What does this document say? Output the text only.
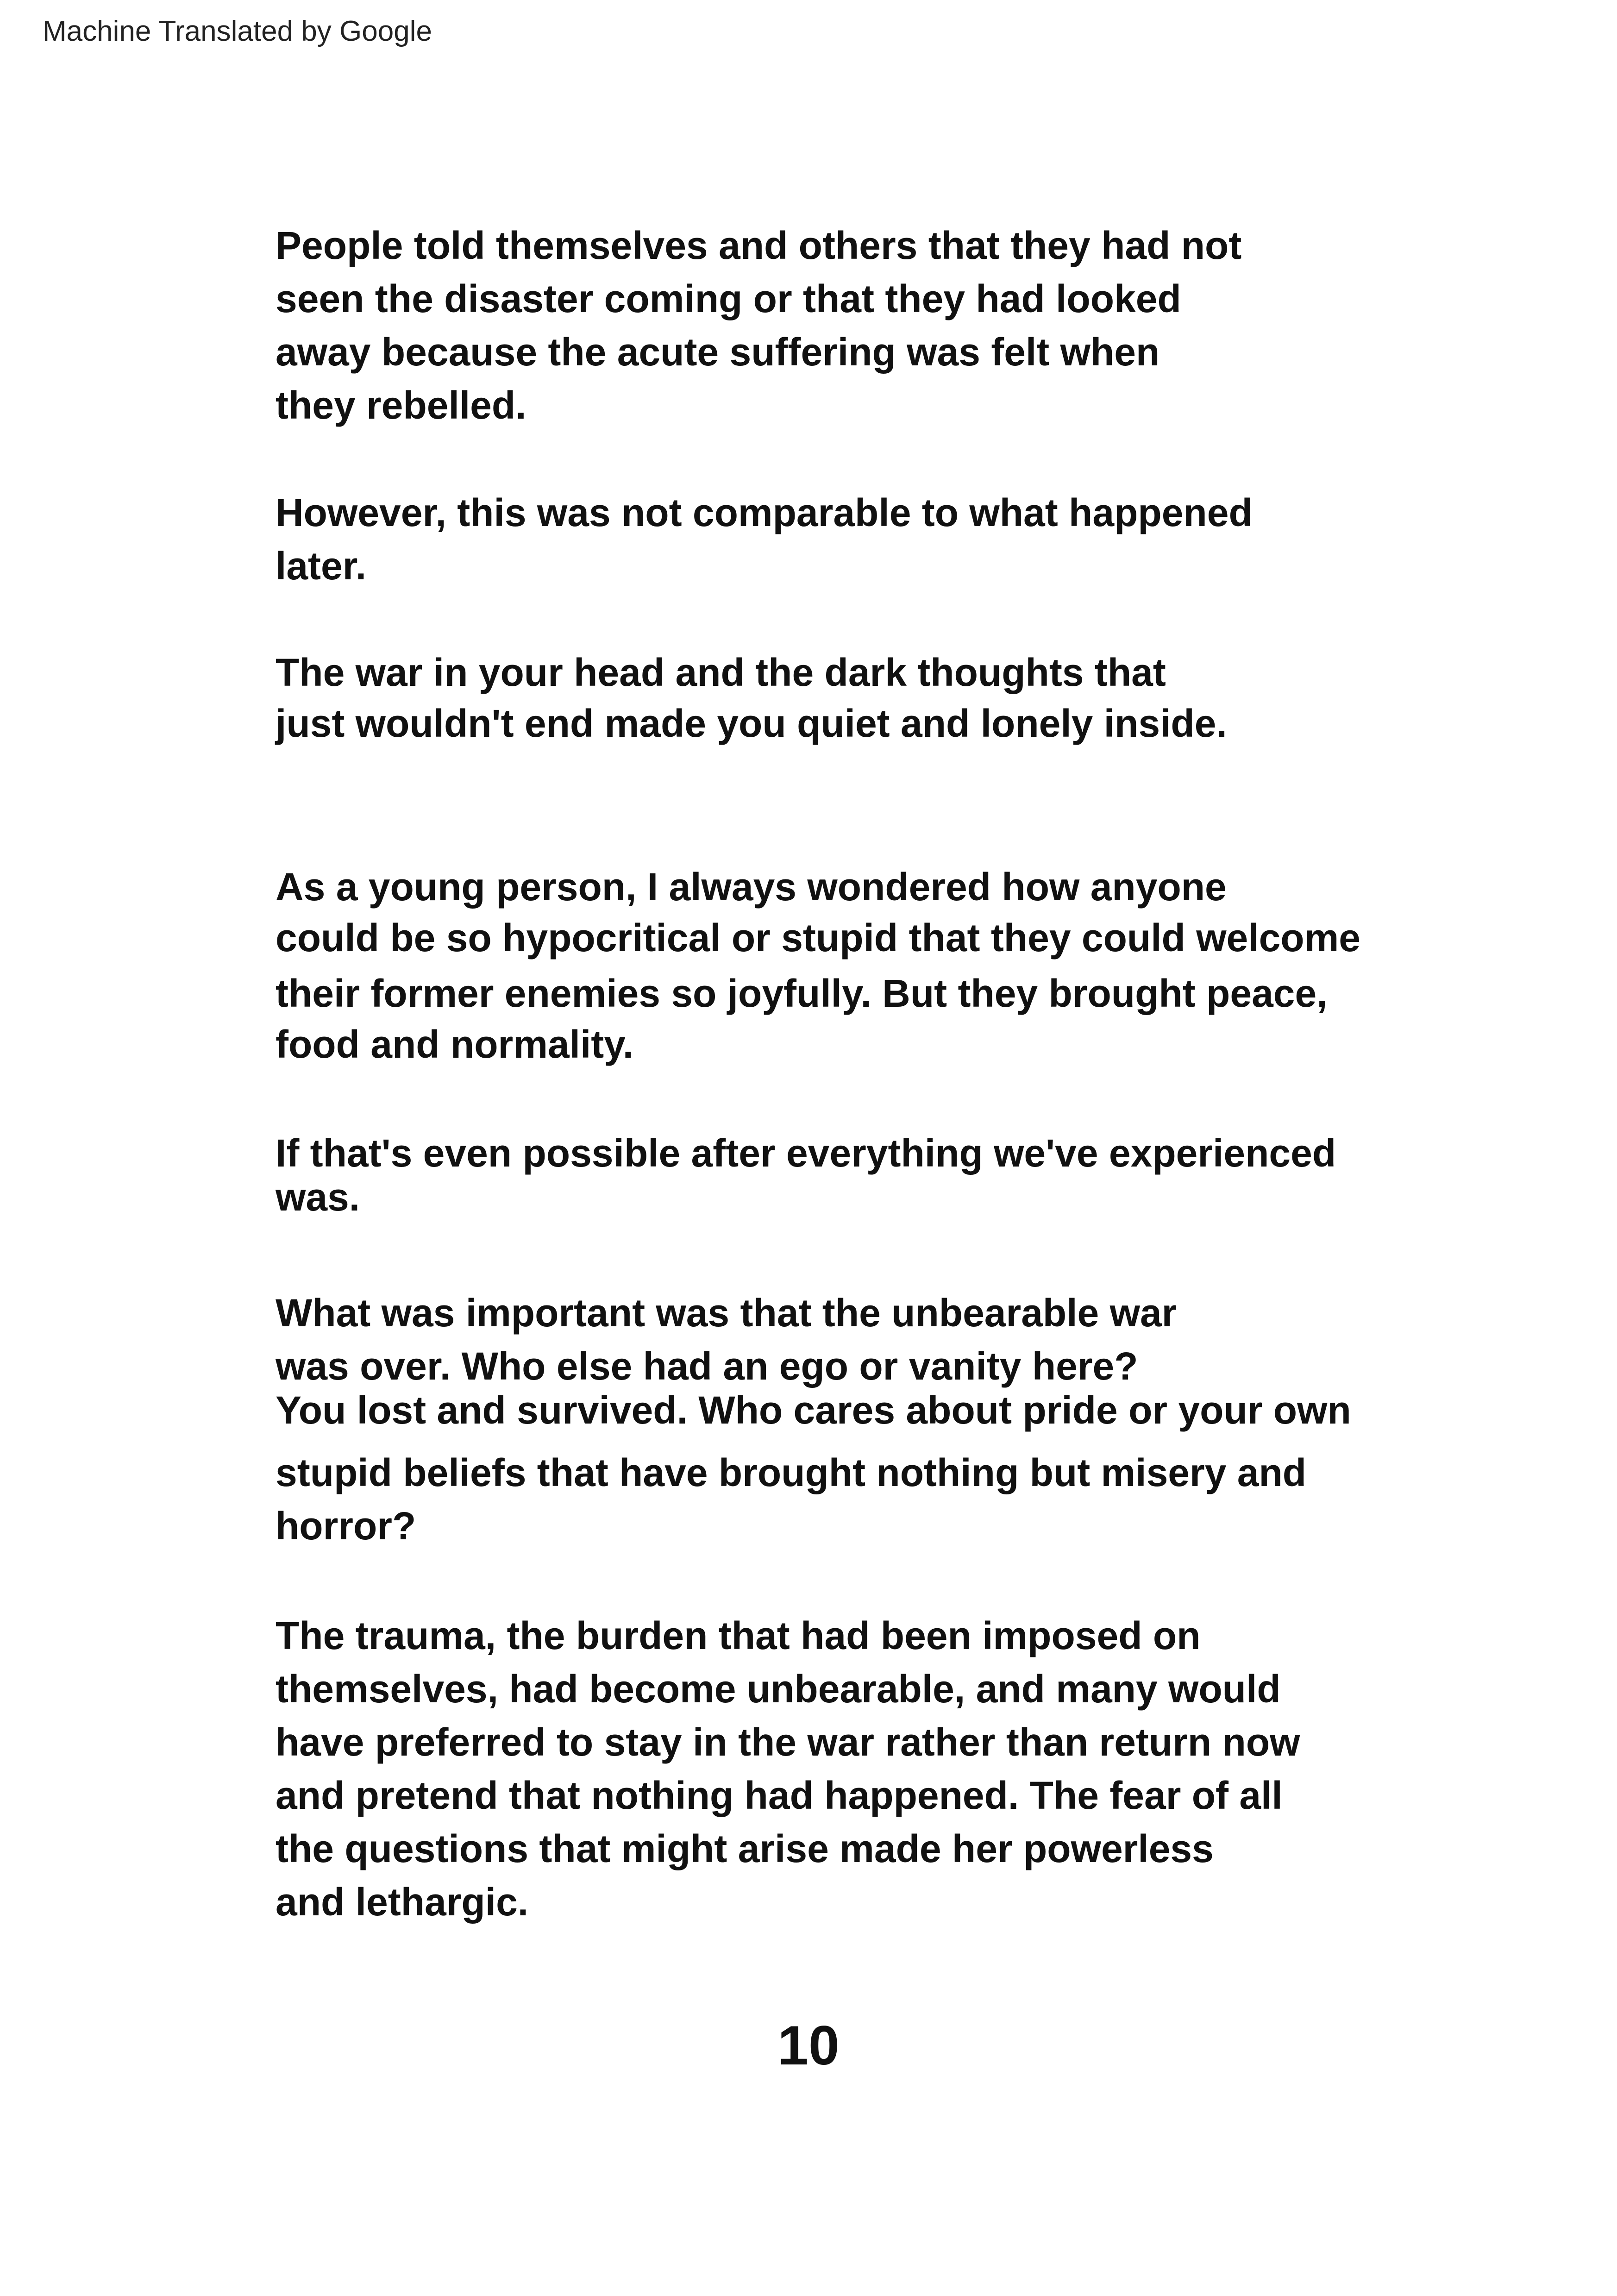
Machine Translated by Google
People told themselves and others that they had not
seen the disaster coming or that they had looked
away because the acute suffering was felt when
they rebelled.
However, this was not comparable to what happened
later.
The war in your head and the dark thoughts that
just wouldn't end made you quiet and lonely inside.
As a young person, I always wondered how anyone
could be so hypocritical or stupid that they could welcome
their former enemies so joyfully. But they brought peace,
food and normality.
If that's even possible after everything we've experienced
was.
What was important was that the unbearable war
was over. Who else had an ego or vanity here?
You lost and survived. Who cares about pride or your own
stupid beliefs that have brought nothing but misery and
horror?
The trauma, the burden that had been imposed on
themselves, had become unbearable, and many would
have preferred to stay in the war rather than return now
and pretend that nothing had happened. The fear of all
the questions that might arise made her powerless
and lethargic.
10
